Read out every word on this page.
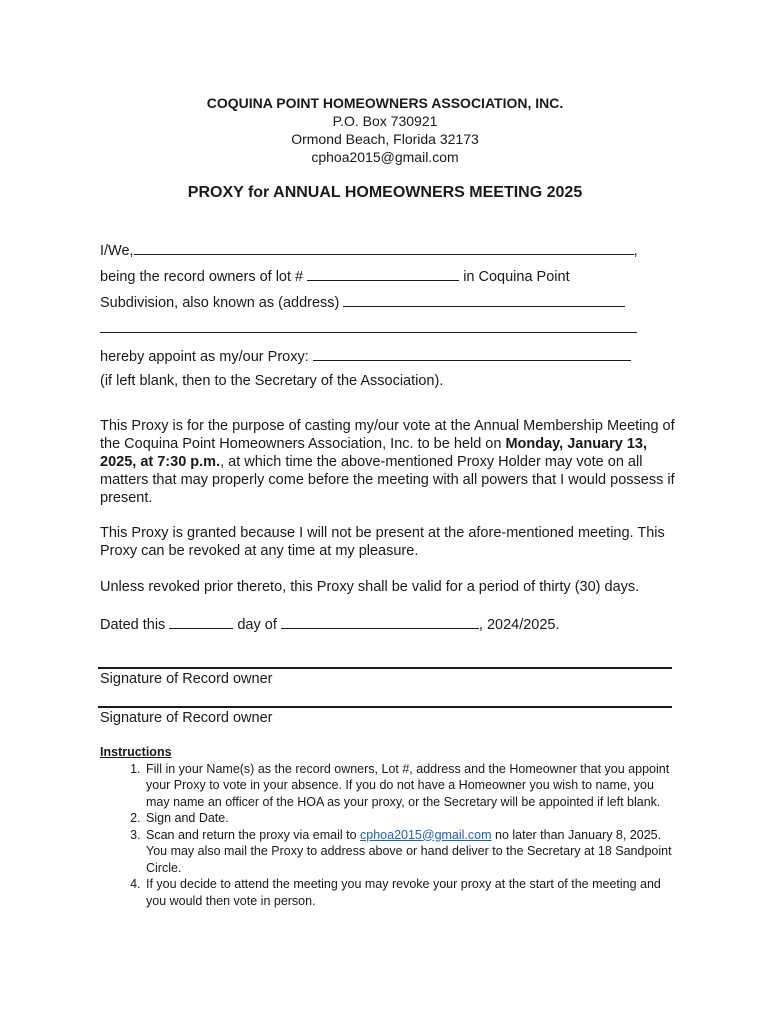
COQUINA POINT HOMEOWNERS ASSOCIATION, INC.
P.O. Box 730921
Ormond Beach, Florida 32173
cphoa2015@gmail.com
PROXY for ANNUAL HOMEOWNERS MEETING 2025
I/We,	,
being the record owners of lot #	in Coquina Point
Subdivision, also known as (address)
hereby appoint as my/our Proxy:
(if left blank, then to the Secretary of the Association).
This Proxy is for the purpose of casting my/our vote at the Annual Membership Meeting of the Coquina Point Homeowners Association, Inc. to be held on Monday, January 13, 2025, at 7:30 p.m., at which time the above-mentioned Proxy Holder may vote on all matters that may properly come before the meeting with all powers that I would possess if present.
This Proxy is granted because I will not be present at the afore-mentioned meeting. This Proxy can be revoked at any time at my pleasure.
Unless revoked prior thereto, this Proxy shall be valid for a period of thirty (30) days.
Dated this	day of	, 2024/2025.
Signature of Record owner
Signature of Record owner
Instructions
1. Fill in your Name(s) as the record owners, Lot #, address and the Homeowner that you appoint your Proxy to vote in your absence. If you do not have a Homeowner you wish to name, you may name an officer of the HOA as your proxy, or the Secretary will be appointed if left blank.
2. Sign and Date.
3. Scan and return the proxy via email to cphoa2015@gmail.com no later than January 8, 2025. You may also mail the Proxy to address above or hand deliver to the Secretary at 18 Sandpoint Circle.
4. If you decide to attend the meeting you may revoke your proxy at the start of the meeting and you would then vote in person.
